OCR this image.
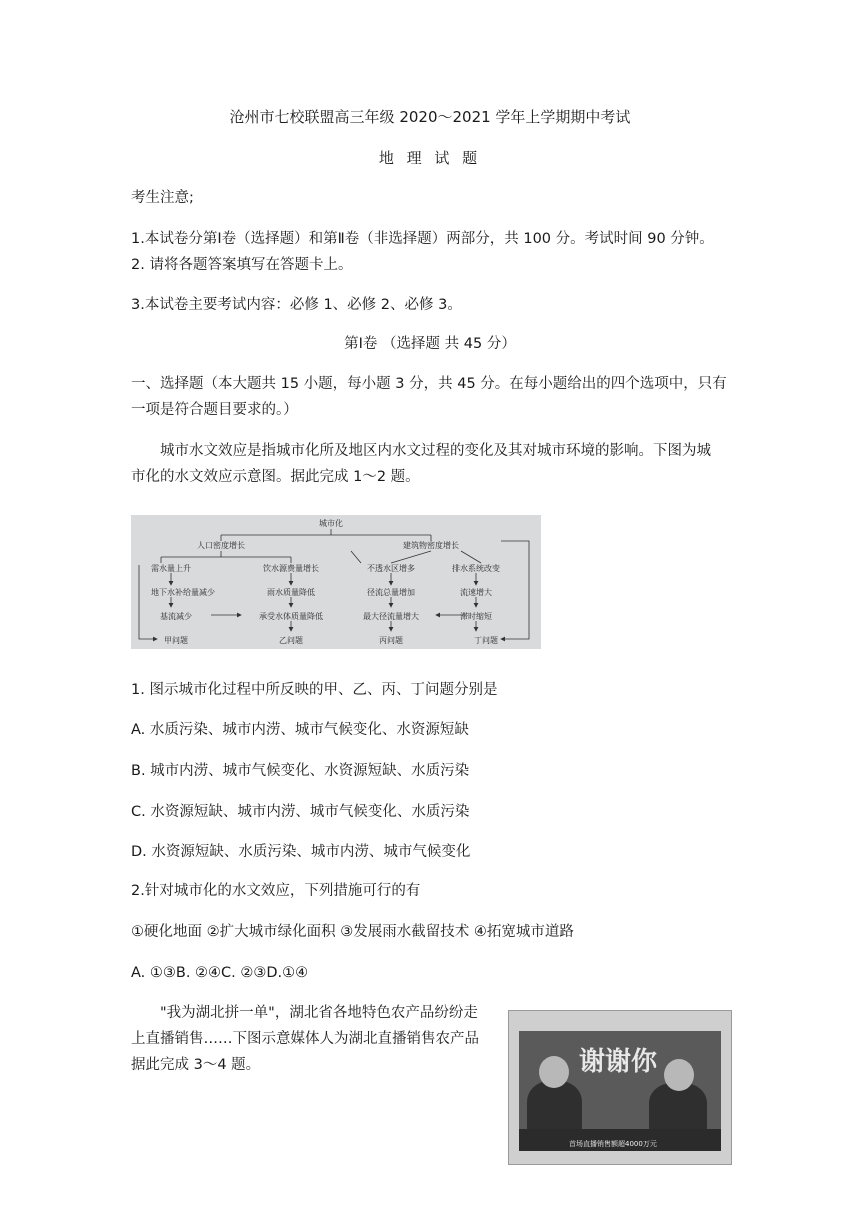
沧州市七校联盟高三年级 2020～2021 学年上学期期中考试
地 理 试 题
考生注意;
1.本试卷分第Ⅰ卷（选择题）和第Ⅱ卷（非选择题）两部分，共 100 分。考试时间 90 分钟。
2. 请将各题答案填写在答题卡上。
3.本试卷主要考试内容：必修 1、必修 2、必修 3。
第Ⅰ卷 （选择题 共 45 分）
一、选择题（本大题共 15 小题，每小题 3 分，共 45 分。在每小题给出的四个选项中，只有
一项是符合题目要求的。）
城市水文效应是指城市化所及地区内水文过程的变化及其对城市环境的影响。下图为城
市化的水文效应示意图。据此完成 1～2 题。
城市化
人口密度增长	建筑物密度增长
需水量上升	饮水源费量增长	不透水区增多	排水系统改变
地下水补给量减少	雨水质量降低	径流总量增加	流速增大
基流减少	承受水体质量降低	最大径流量增大	滞时缩短
甲问题	乙问题	丙问题	丁问题
1. 图示城市化过程中所反映的甲、乙、丙、丁问题分别是
A. 水质污染、城市内涝、城市气候变化、水资源短缺
B. 城市内涝、城市气候变化、水资源短缺、水质污染
C. 水资源短缺、城市内涝、城市气候变化、水质污染
D. 水资源短缺、水质污染、城市内涝、城市气候变化
2.针对城市化的水文效应，下列措施可行的有
①硬化地面 ②扩大城市绿化面积 ③发展雨水截留技术 ④拓宽城市道路
A. ①③B. ②④C. ②③D.①④
"我为湖北拼一单"，湖北省各地特色农产品纷纷走
上直播销售……下图示意媒体人为湖北直播销售农产品
据此完成 3～4 题。	谢谢你
首场直播销售额超4000万元
